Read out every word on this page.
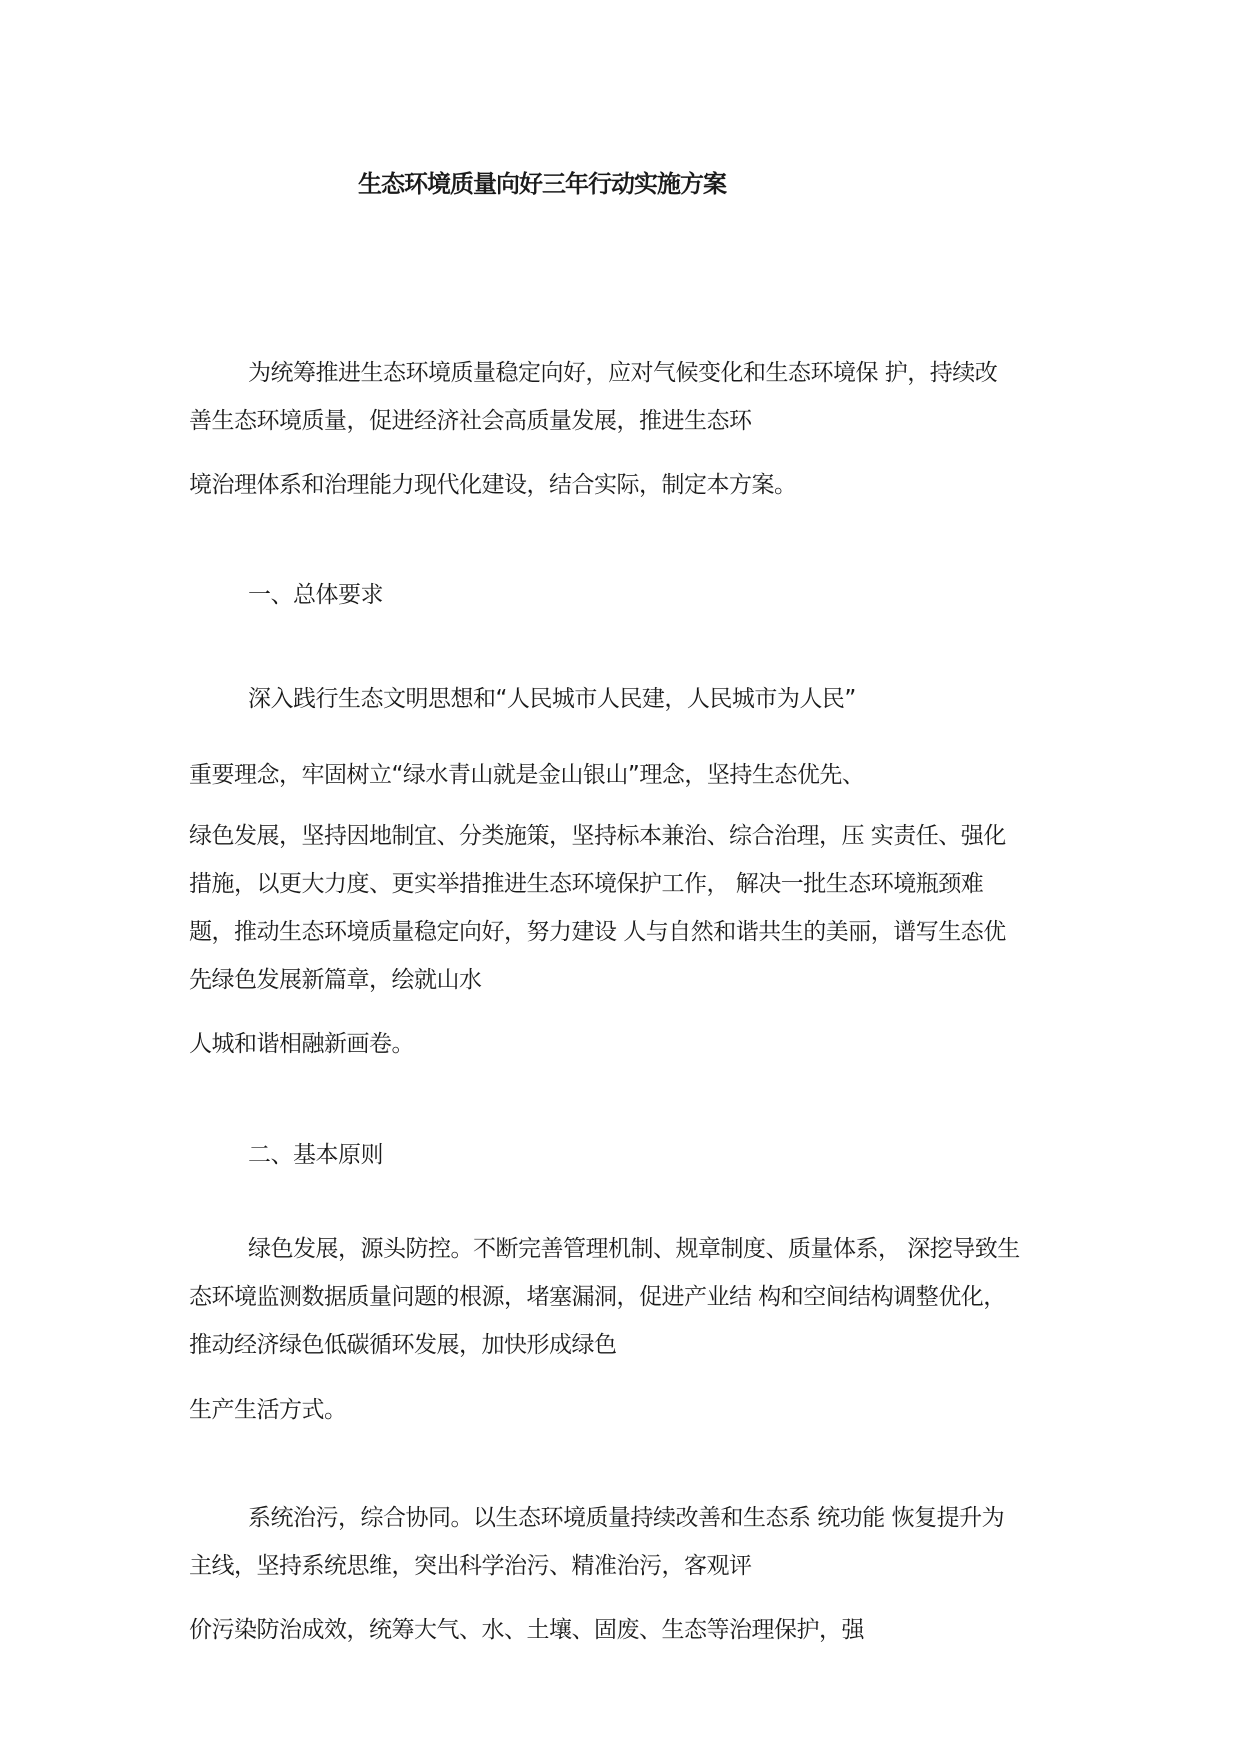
生态环境质量向好三年行动实施方案
为统筹推进生态环境质量稳定向好，应对气候变化和生态环境保 护，持续改
善生态环境质量，促进经济社会高质量发展，推进生态环
境治理体系和治理能力现代化建设，结合实际，制定本方案。
一、总体要求
深入践行生态文明思想和“人民城市人民建，人民城市为人民”
重要理念，牢固树立“绿水青山就是金山银山”理念，坚持生态优先、
绿色发展，坚持因地制宜、分类施策，坚持标本兼治、综合治理，压 实责任、强化
措施，以更大力度、更实举措推进生态环境保护工作， 解决一批生态环境瓶颈难
题，推动生态环境质量稳定向好，努力建设 人与自然和谐共生的美丽，谱写生态优
先绿色发展新篇章，绘就山水
人城和谐相融新画卷。
二、基本原则
绿色发展，源头防控。不断完善管理机制、规章制度、质量体系， 深挖导致生
态环境监测数据质量问题的根源，堵塞漏洞，促进产业结 构和空间结构调整优化，
推动经济绿色低碳循环发展，加快形成绿色
生产生活方式。
系统治污，综合协同。以生态环境质量持续改善和生态系 统功能 恢复提升为
主线，坚持系统思维，突出科学治污、精准治污，客观评
价污染防治成效，统筹大气、水、土壤、固废、生态等治理保护，强
